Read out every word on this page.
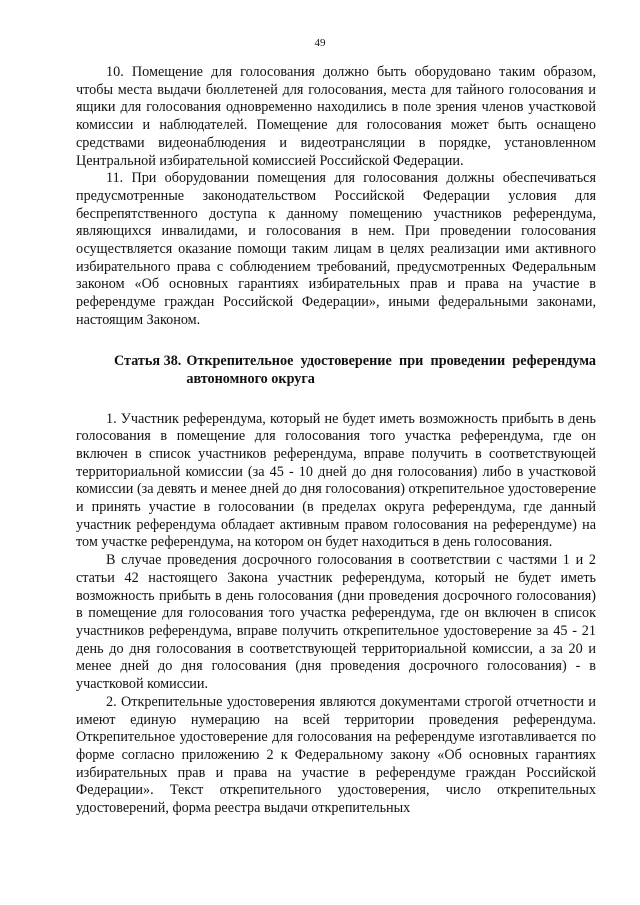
49

10. Помещение для голосования должно быть оборудовано таким образом, чтобы места выдачи бюллетеней для голосования, места для тайного голосования и ящики для голосования одновременно находились в поле зрения членов участковой комиссии и наблюдателей. Помещение для голосования может быть оснащено средствами видеонаблюдения и видеотрансляции в порядке, установленном Центральной избирательной комиссией Российской Федерации.

11. При оборудовании помещения для голосования должны обеспечиваться предусмотренные законодательством Российской Федерации условия для беспрепятственного доступа к данному помещению участников референдума, являющихся инвалидами, и голосования в нем. При проведении голосования осуществляется оказание помощи таким лицам в целях реализации ими активного избирательного права с соблюдением требований, предусмотренных Федеральным законом «Об основных гарантиях избирательных прав и права на участие в референдуме граждан Российской Федерации», иными федеральными законами, настоящим Законом.

Статья 38. Открепительное удостоверение при проведении референдума автономного округа

1. Участник референдума, который не будет иметь возможность прибыть в день голосования в помещение для голосования того участка референдума, где он включен в список участников референдума, вправе получить в соответствующей территориальной комиссии (за 45 - 10 дней до дня голосования) либо в участковой комиссии (за девять и менее дней до дня голосования) открепительное удостоверение и принять участие в голосовании (в пределах округа референдума, где данный участник референдума обладает активным правом голосования на референдуме) на том участке референдума, на котором он будет находиться в день голосования.

В случае проведения досрочного голосования в соответствии с частями 1 и 2 статьи 42 настоящего Закона участник референдума, который не будет иметь возможность прибыть в день голосования (дни проведения досрочного голосования) в помещение для голосования того участка референдума, где он включен в список участников референдума, вправе получить открепительное удостоверение за 45 - 21 день до дня голосования в соответствующей территориальной комиссии, а за 20 и менее дней до дня голосования (дня проведения досрочного голосования) - в участковой комиссии.

2. Открепительные удостоверения являются документами строгой отчетности и имеют единую нумерацию на всей территории проведения референдума. Открепительное удостоверение для голосования на референдуме изготавливается по форме согласно приложению 2 к Федеральному закону «Об основных гарантиях избирательных прав и права на участие в референдуме граждан Российской Федерации». Текст открепительного удостоверения, число открепительных удостоверений, форма реестра выдачи открепительных
